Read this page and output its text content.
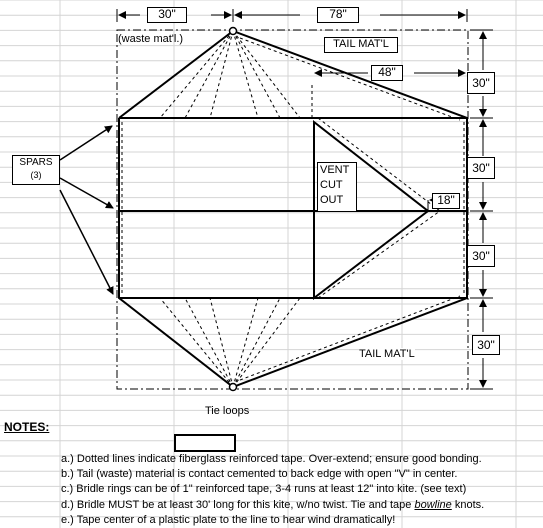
30"	78"
48"
30"
30"
30"
30"
18"
(waste mat'l.)	TAIL MAT'L
TAIL MAT'L
VENT
CUT
OUT
SPARS
(3)
Tie loops
NOTES:
a.) Dotted lines indicate fiberglass reinforced tape. Over-extend; ensure good bonding.
b.) Tail (waste) material is contact cemented to back edge with open "V" in center.
c.) Bridle rings can be of 1" reinforced tape, 3-4 runs at least 12" into kite. (see text)
d.) Bridle MUST be at least 30' long for this kite, w/no twist. Tie and tape bowline knots.
e.) Tape center of a plastic plate to the line to hear wind dramatically!
